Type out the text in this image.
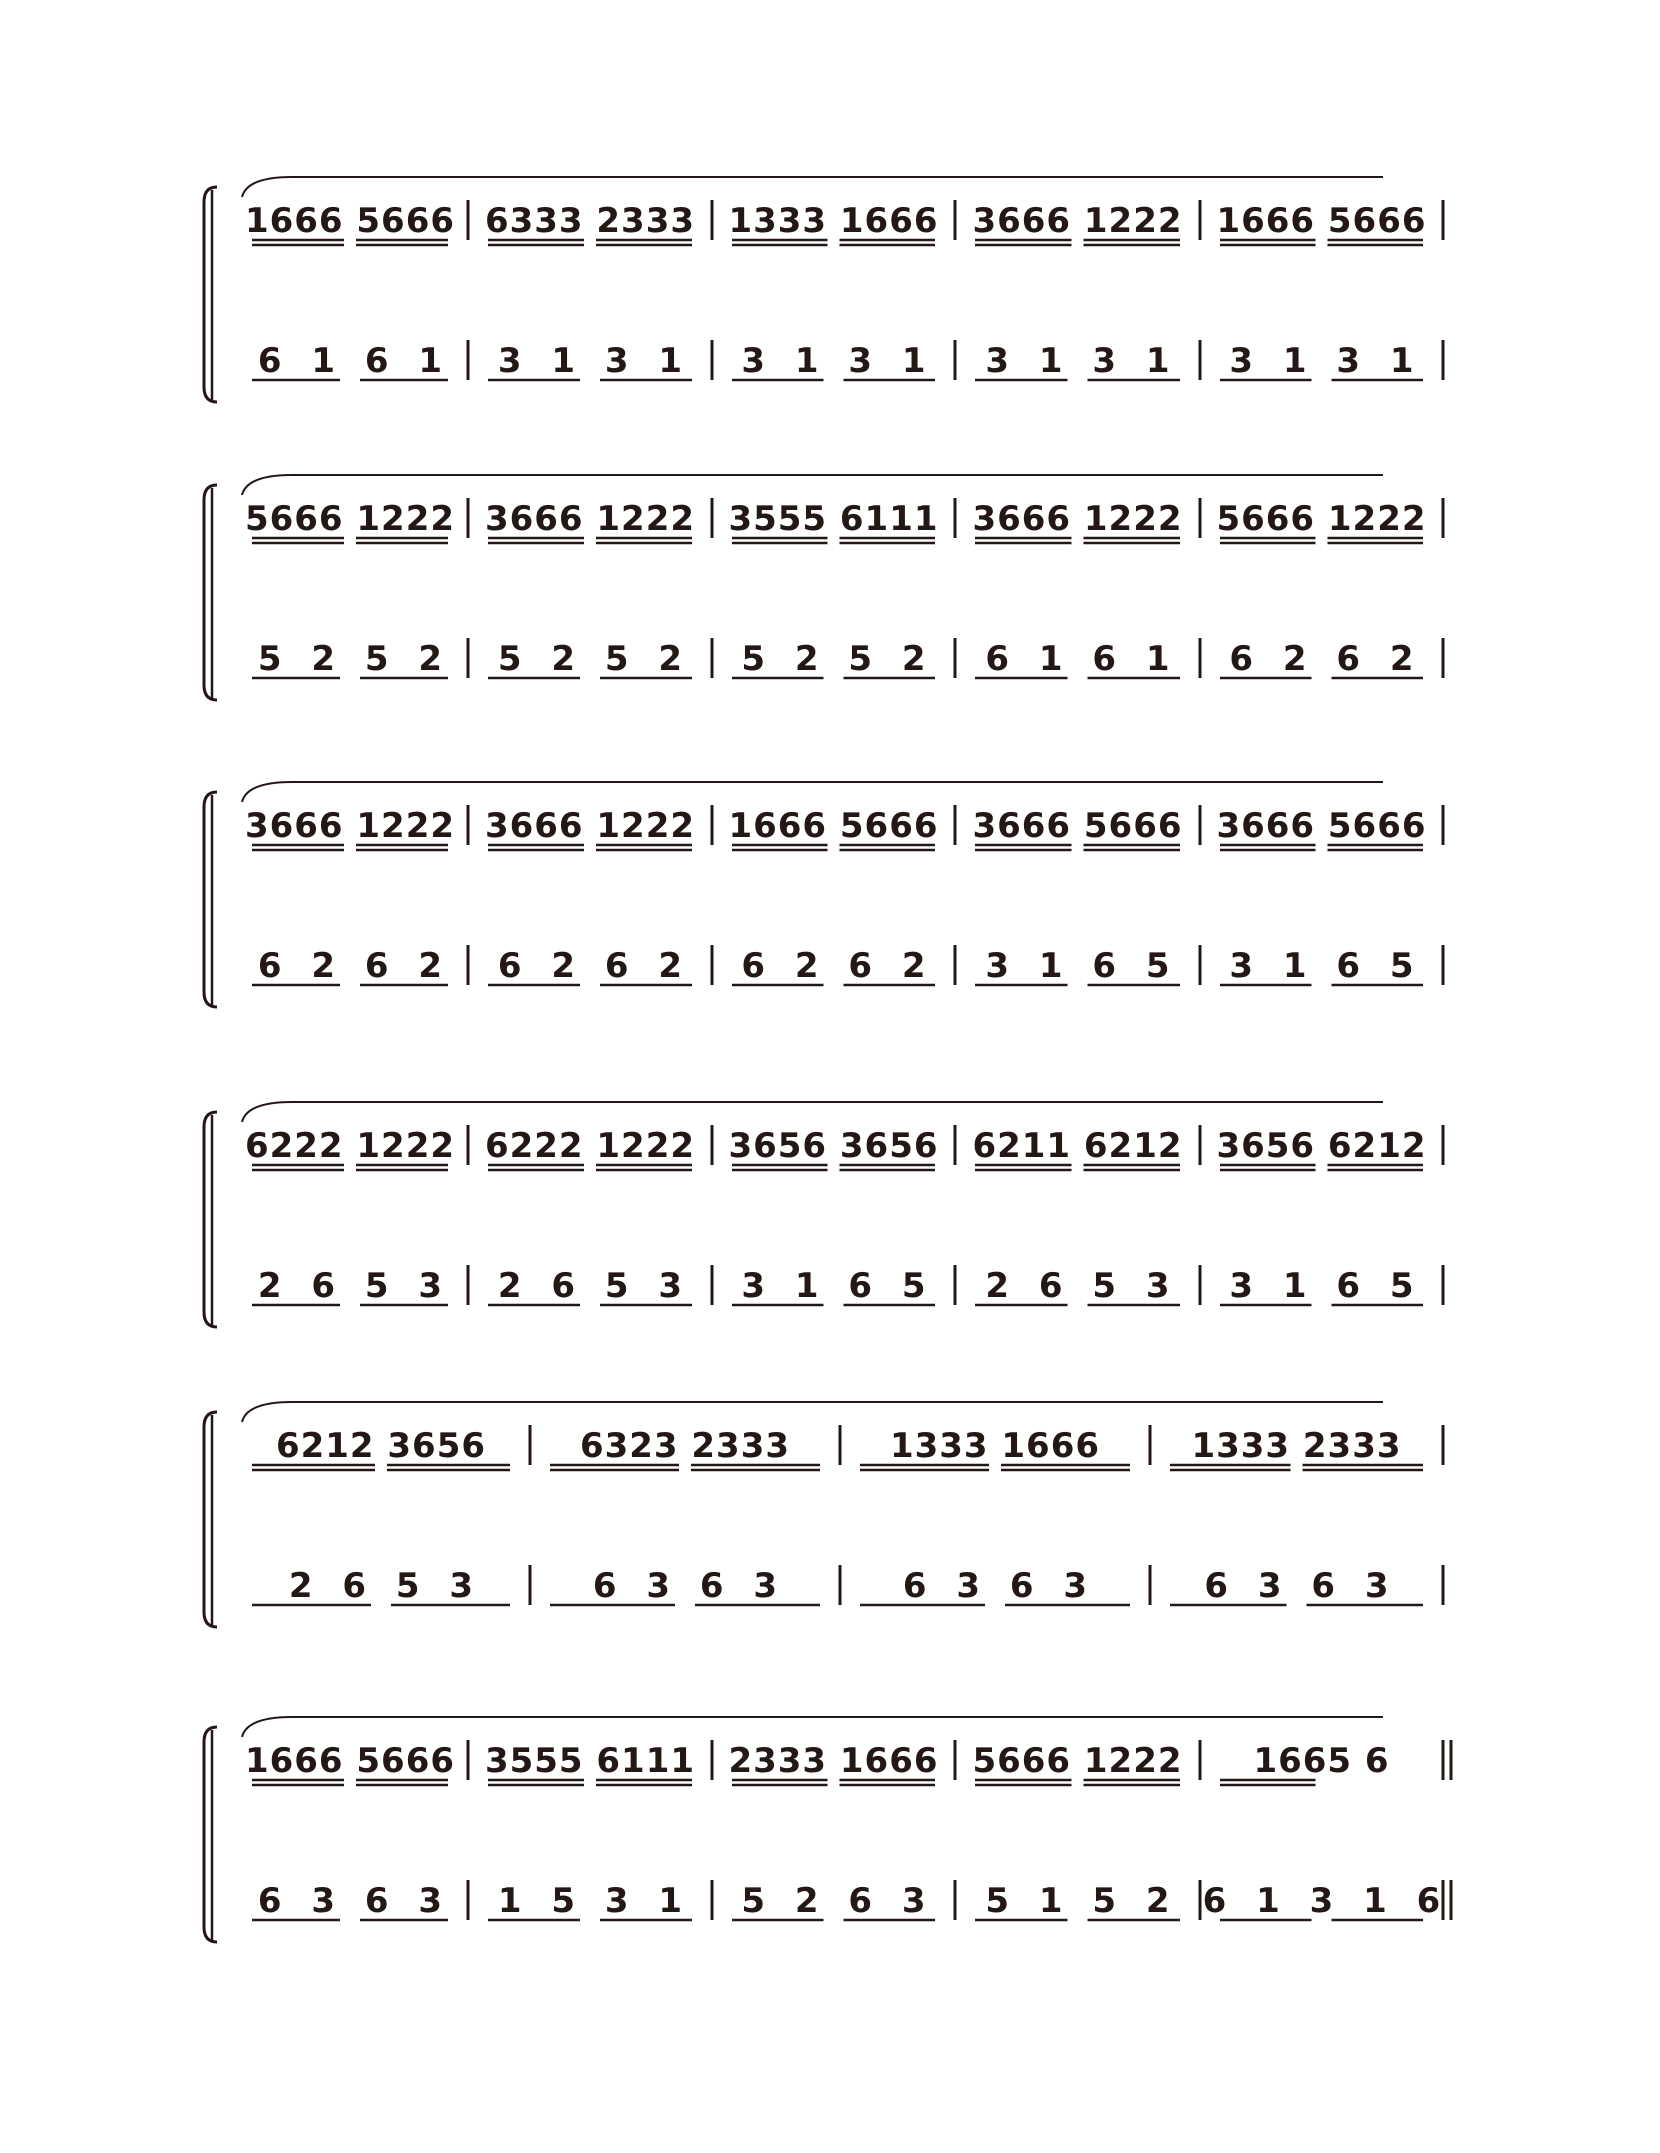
1666 5666
6 1 6 1
6333 2333
3 1 3 1
1333 1666
3 1 3 1
3666 1222
3 1 3 1
1666 5666
3 1 3 1
5666 1222
5 2 5 2
3666 1222
5 2 5 2
3555 6111
5 2 5 2
3666 1222
6 1 6 1
5666 1222
6 2 6 2
3666 1222
6 2 6 2
3666 1222
6 2 6 2
1666 5666
6 2 6 2
3666 5666
3 1 6 5
3666 5666
3 1 6 5
6222 1222
2 6 5 3
6222 1222
2 6 5 3
3656 3656
3 1 6 5
6211 6212
2 6 5 3
3656 6212
3 1 6 5
6212 3656
2 6 5 3
6323 2333
6 3 6 3
1333 1666
6 3 6 3
1333 2333
6 3 6 3
1666 5666
6 3 6 3
3555 6111
1 5 3 1
2333 1666
5 2 6 3
5666 1222
5 1 5 2
1665 6
6 1 3 1 6
